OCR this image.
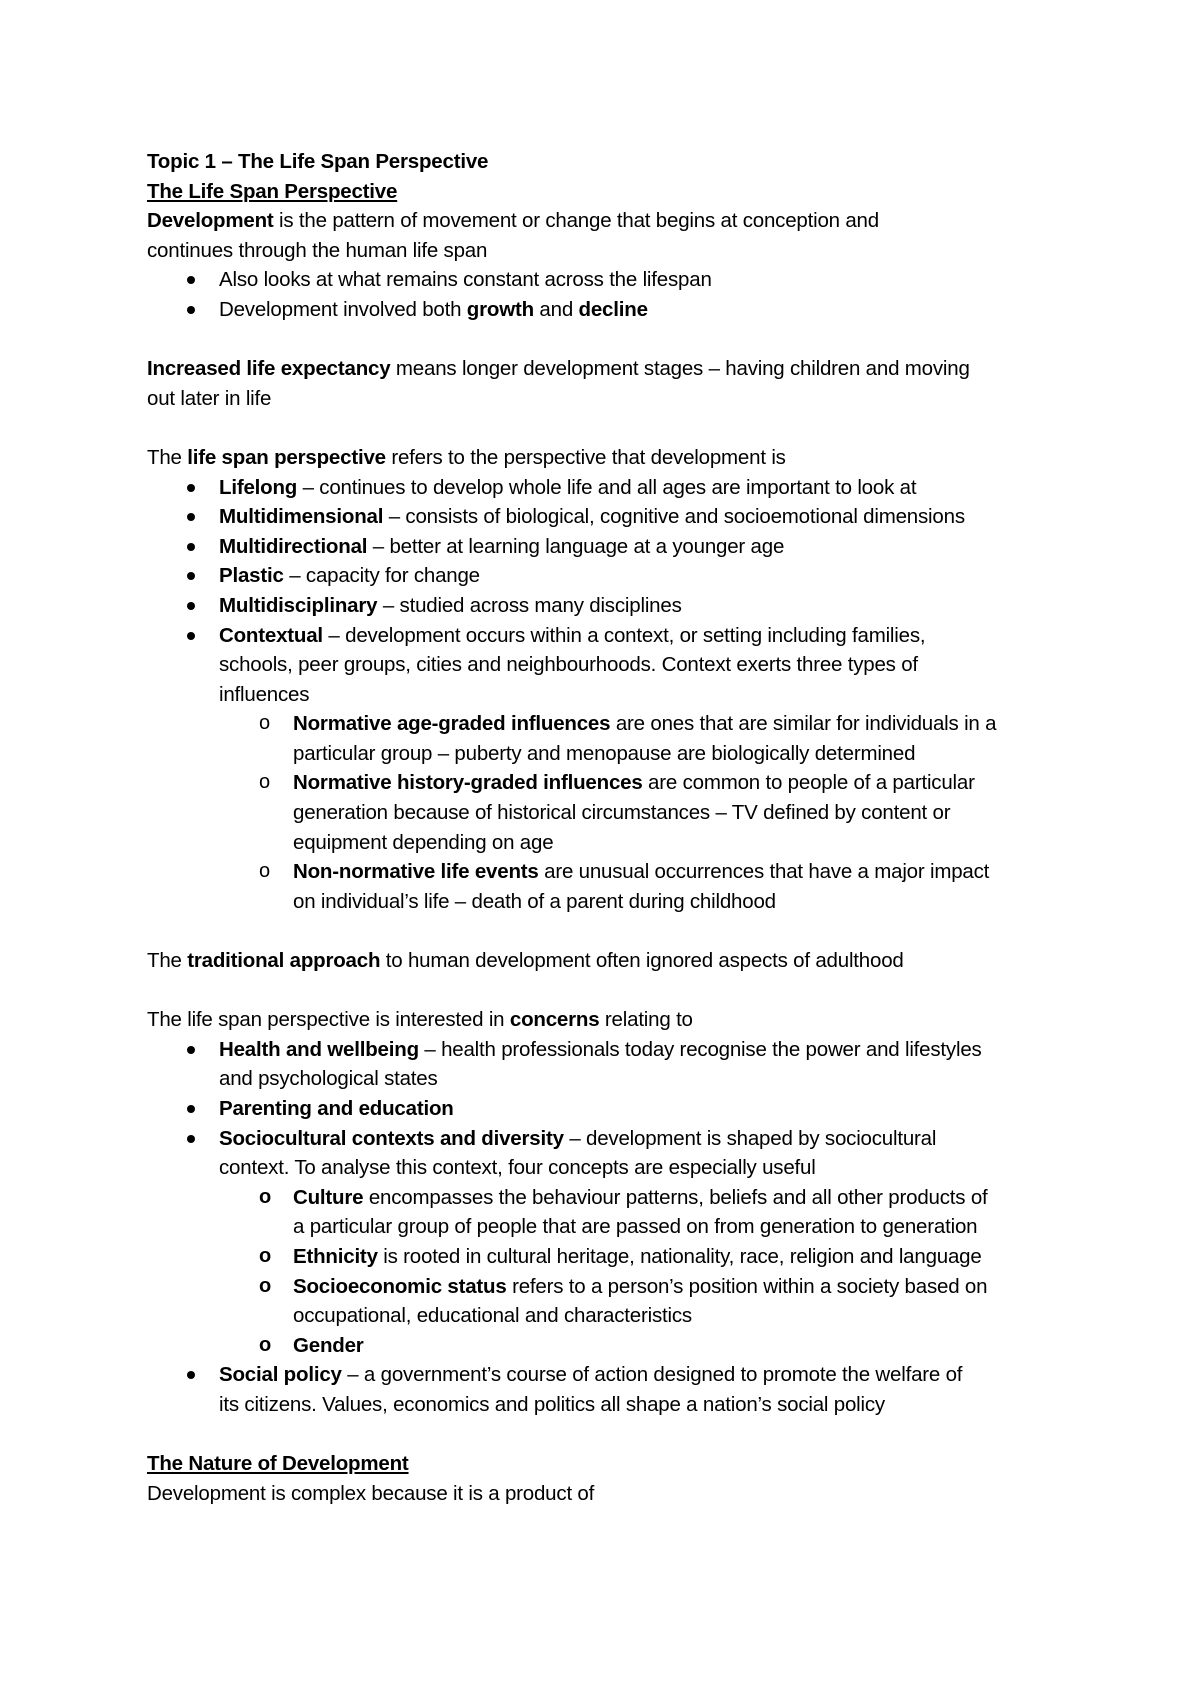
Topic 1 – The Life Span Perspective
The Life Span Perspective
Development is the pattern of movement or change that begins at conception and
continues through the human life span
Also looks at what remains constant across the lifespan
Development involved both growth and decline
Increased life expectancy means longer development stages – having children and moving
out later in life
The life span perspective refers to the perspective that development is
Lifelong – continues to develop whole life and all ages are important to look at
Multidimensional – consists of biological, cognitive and socioemotional dimensions
Multidirectional – better at learning language at a younger age
Plastic – capacity for change
Multidisciplinary – studied across many disciplines
Contextual – development occurs within a context, or setting including families,
schools, peer groups, cities and neighbourhoods. Context exerts three types of
influences
o Normative age-graded influences are ones that are similar for individuals in a
particular group – puberty and menopause are biologically determined
o Normative history-graded influences are common to people of a particular
generation because of historical circumstances – TV defined by content or
equipment depending on age
o Non-normative life events are unusual occurrences that have a major impact
on individual’s life – death of a parent during childhood
The traditional approach to human development often ignored aspects of adulthood
The life span perspective is interested in concerns relating to
Health and wellbeing – health professionals today recognise the power and lifestyles
and psychological states
Parenting and education
Sociocultural contexts and diversity – development is shaped by sociocultural
context. To analyse this context, four concepts are especially useful
o Culture encompasses the behaviour patterns, beliefs and all other products of
a particular group of people that are passed on from generation to generation
o Ethnicity is rooted in cultural heritage, nationality, race, religion and language
o Socioeconomic status refers to a person’s position within a society based on
occupational, educational and characteristics
o Gender
Social policy – a government’s course of action designed to promote the welfare of
its citizens. Values, economics and politics all shape a nation’s social policy
The Nature of Development
Development is complex because it is a product of
